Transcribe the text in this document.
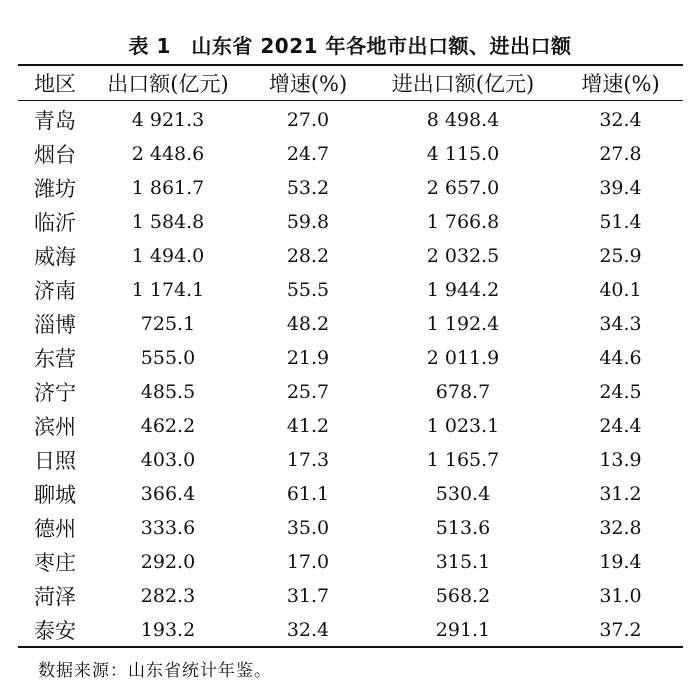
表 1　山东省 2021 年各地市出口额、进出口额
地区	出口额(亿元)	增速(%)	进出口额(亿元)	增速(%)
青岛	4 921.3	27.0	8 498.4	32.4
烟台	2 448.6	24.7	4 115.0	27.8
潍坊	1 861.7	53.2	2 657.0	39.4
临沂	1 584.8	59.8	1 766.8	51.4
威海	1 494.0	28.2	2 032.5	25.9
济南	1 174.1	55.5	1 944.2	40.1
淄博	725.1	48.2	1 192.4	34.3
东营	555.0	21.9	2 011.9	44.6
济宁	485.5	25.7	678.7	24.5
滨州	462.2	41.2	1 023.1	24.4
日照	403.0	17.3	1 165.7	13.9
聊城	366.4	61.1	530.4	31.2
德州	333.6	35.0	513.6	32.8
枣庄	292.0	17.0	315.1	19.4
菏泽	282.3	31.7	568.2	31.0
泰安	193.2	32.4	291.1	37.2
数据来源：山东省统计年鉴。
